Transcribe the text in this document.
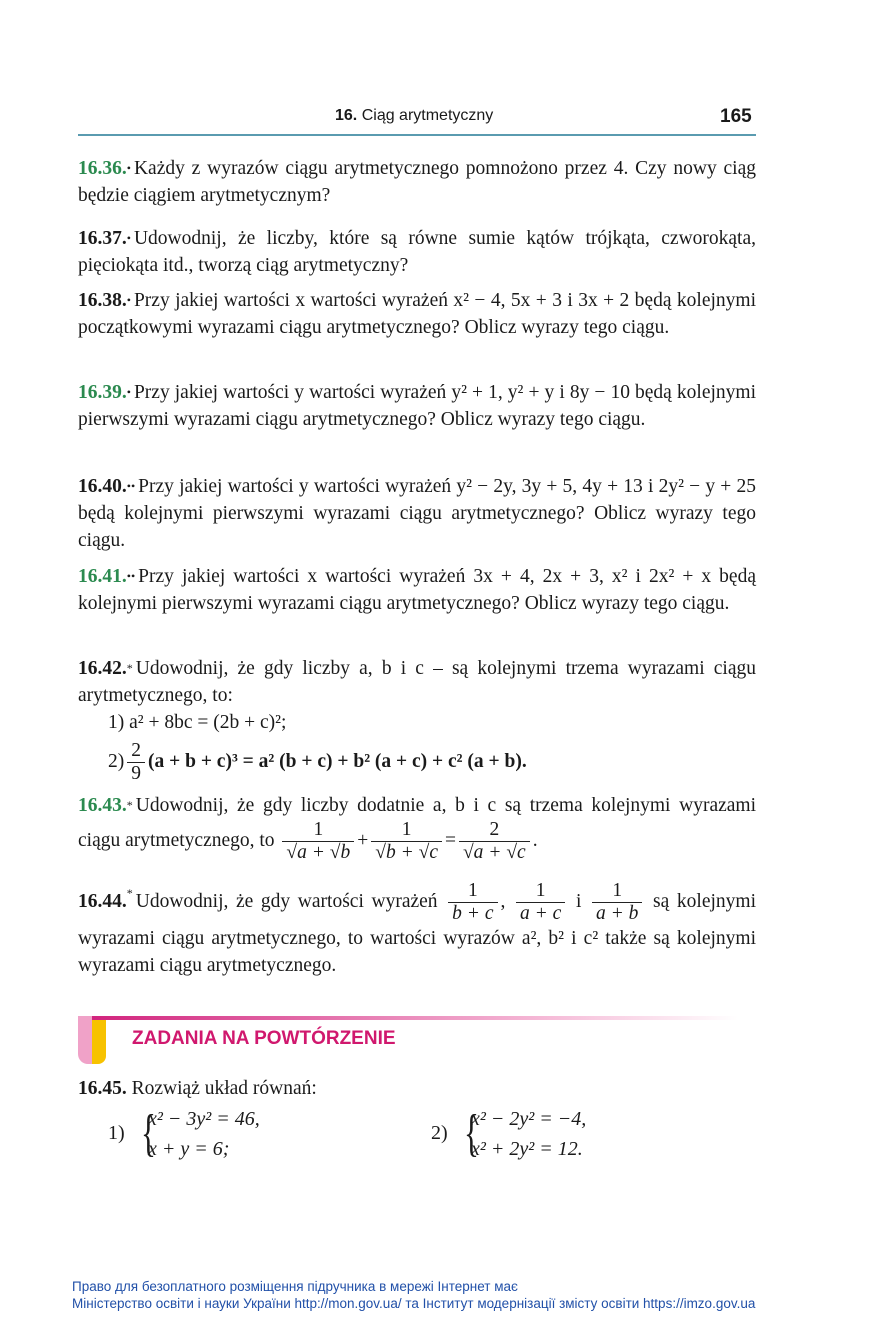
16. Ciąg arytmetyczny	165
16.36.• Każdy z wyrazów ciągu arytmetycznego pomnożono przez 4. Czy nowy ciąg będzie ciągiem arytmetycznym?
16.37.• Udowodnij, że liczby, które są równe sumie kątów trójkąta, czworokąta, pięciokąta itd., tworzą ciąg arytmetyczny?
16.38.• Przy jakiej wartości x wartości wyrażeń x² − 4, 5x + 3 i 3x + 2 będą kolejnymi początkowymi wyrazami ciągu arytmetycznego? Oblicz wyrazy tego ciągu.
16.39.• Przy jakiej wartości y wartości wyrażeń y² + 1, y² + y i 8y − 10 będą kolejnymi pierwszymi wyrazami ciągu arytmetycznego? Oblicz wyrazy tego ciągu.
16.40.•• Przy jakiej wartości y wartości wyrażeń y² − 2y, 3y + 5, 4y + 13 i 2y² − y + 25 będą kolejnymi pierwszymi wyrazami ciągu arytmetycznego? Oblicz wyrazy tego ciągu.
16.41.•• Przy jakiej wartości x wartości wyrażeń 3x + 4, 2x + 3, x² i 2x² + x będą kolejnymi pierwszymi wyrazami ciągu arytmetycznego? Oblicz wyrazy tego ciągu.
16.42.* Udowodnij, że gdy liczby a, b i c – są kolejnymi trzema wyrazami ciągu arytmetycznego, to:
1) a² + 8bc = (2b + c)²;
$2) \frac{2}{9} (a + b + c)^3 = a^2$ (b + c) + b² (a + c) + c² (a + b).
16.43.* Udowodnij, że gdy liczby dodatnie a, b i c są trzema kolejnymi wyrazami ciągu arytmetycznego, to $\frac{1}{√a + √b} + \frac{1}{√b + √c} = \frac{2}{√a + √c}$ .
16.44.* Udowodnij, że gdy wartości wyrażeń $\frac{1}{b + c}$ , $\frac{1}{a + c}$ i $\frac{1}{a + b}$ są kolejnymi wyrazami ciągu arytmetycznego, to wartości wyrazów a², b² i c² także są kolejnymi wyrazami ciągu arytmetycznego.
ZADANIA NA POWTÓRZENIE
16.45. Rozwiąż układ równań:
1) {
x² − 3y² = 46,
x + y = 6;
2) {
x² − 2y² = −4,
x² + 2y² = 12.
Право для безоплатного розміщення підручника в мережі Інтернет має
Міністерство освіти і науки України http://mon.gov.ua/ та Інститут модернізації змісту освіти https://imzo.gov.ua
